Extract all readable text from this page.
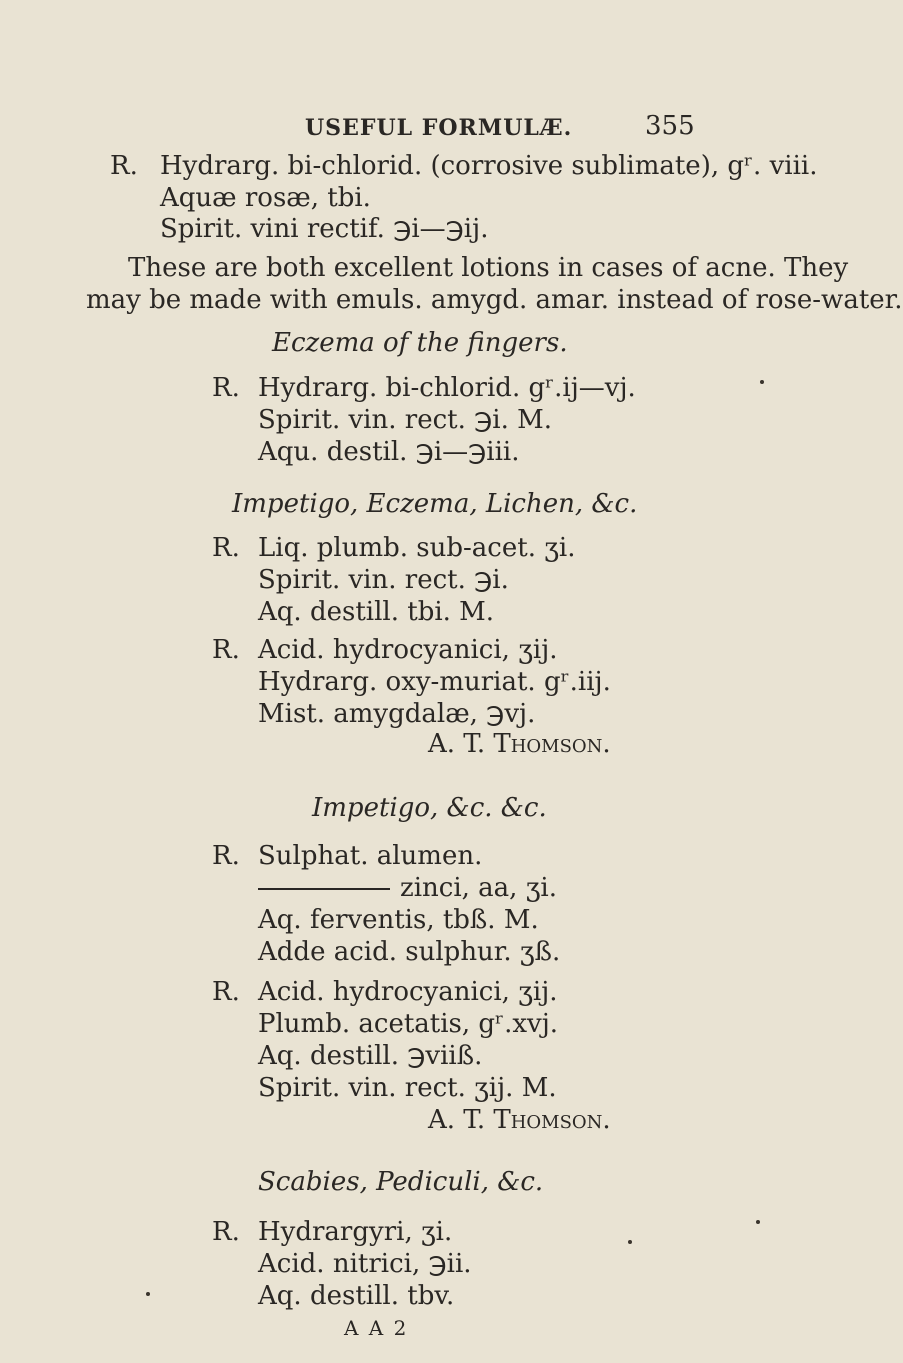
USEFUL FORMULÆ.	355
R. Hydrarg. bi-chlorid. (corrosive sublimate), gʳ. viii.
Aquæ rosæ, tbi.
Spirit. vini rectif. ℈i—℈ij.
These are both excellent lotions in cases of acne. They
may be made with emuls. amygd. amar. instead of rose-water.
Eczema of the fingers.
R. Hydrarg. bi-chlorid. gʳ.ij—vj.
Spirit. vin. rect. ℈i. M.
Aqu. destil. ℈i—℈iii.
Impetigo, Eczema, Lichen, &c.
R. Liq. plumb. sub-acet. ʒi.
Spirit. vin. rect. ℈i.
Aq. destill. tbi. M.
R. Acid. hydrocyanici, ʒij.
Hydrarg. oxy-muriat. gʳ.iij.
Mist. amygdalæ, ℈vj.
A. T. Thomson.
Impetigo, &c. &c.
R. Sulphat. alumen.
zinci, aa, ʒi.
Aq. ferventis, tbß. M.
Adde acid. sulphur. ʒß.
R. Acid. hydrocyanici, ʒij.
Plumb. acetatis, gʳ.xvj.
Aq. destill. ℈viiß.
Spirit. vin. rect. ʒij. M.
A. T. Thomson.
Scabies, Pediculi, &c.
R. Hydrargyri, ʒi.
Acid. nitrici, ℈ii.
Aq. destill. tbv.
A A 2
